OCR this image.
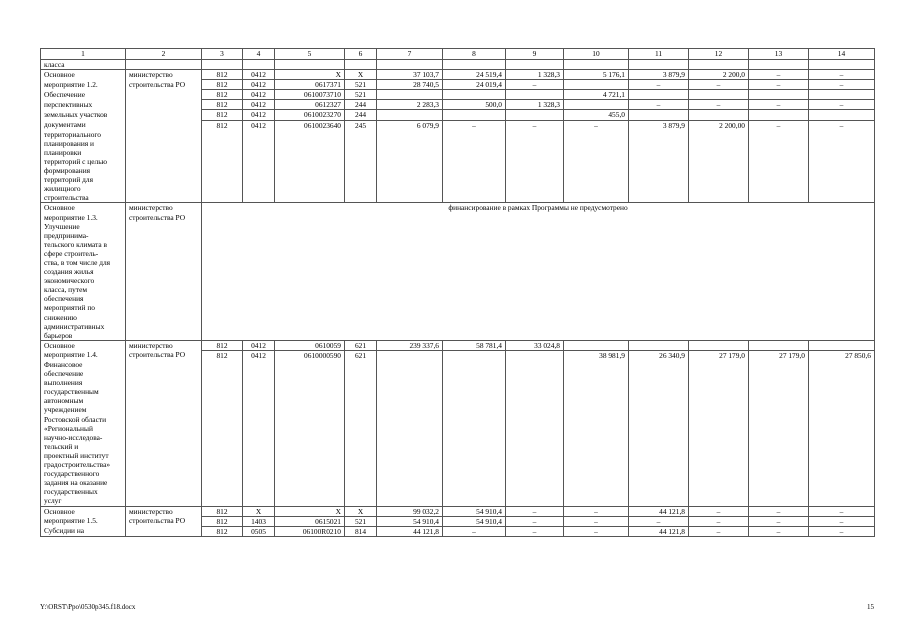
1	2	3	4	5	6	7	8	9	10	11	12	13	14
класса													
Основное	министерство	812	0412	Х	Х	37 103,7	24 519,4	1 328,3	5 176,1	3 879,9	2 200,0	–	–
мероприятие 1.2.	строительства РО	812	0412	0617371	521	28 740,5	24 019,4	–		–	–	–	–
Обеспечение		812	0412	0610073710	521				4 721,1				
перспективных		812	0412	0612327	244	2 283,3	500,0	1 328,3		–	–	–	–
земельных участков		812	0412	0610023270	244				455,0				
документами		812	0412	0610023640	245	6 079,9	–	–	–	3 879,9	2 200,00	–	–
территориального													
планирования и													
планировки													
территорий с целью													
формирования													
территорий для													
жилищного													
строительства													
Основное	министерство	финансирование в рамках Программы не предусмотрено											
мероприятие 1.3.	строительства РО												
Улучшение													
предпринима-													
тельского климата в													
сфере строитель-													
ства, в том числе для													
создания жилья													
экономического													
класса, путем													
обеспечения													
мероприятий по													
снижению													
административных													
барьеров													
Основное	министерство	812	0412	0610059	621	239 337,6	58 781,4	33 024,8					
мероприятие 1.4.	строительства РО	812	0412	0610000590	621				38 981,9	26 340,9	27 179,0	27 179,0	27 850,6
Финансовое													
обеспечение													
выполнения													
государственным													
автономным													
учреждением													
Ростовской области													
«Региональный													
научно-исследова-													
тельский и													
проектный институт													
градостроительства»													
государственного													
задания на оказание													
государственных													
услуг													
Основное	министерство	812	Х	Х	Х	99 032,2	54 910,4	–	–	44 121,8	–	–	–
мероприятие 1.5.	строительства РО	812	1403	0615021	521	54 910,4	54 910,4	–	–	–	–	–	–
Субсидии на		812	0505	06100R0210	814	44 121,8	–	–	–	44 121,8	–	–	–
Y:\ORST\Ppo\0530p345.f18.docx	15
